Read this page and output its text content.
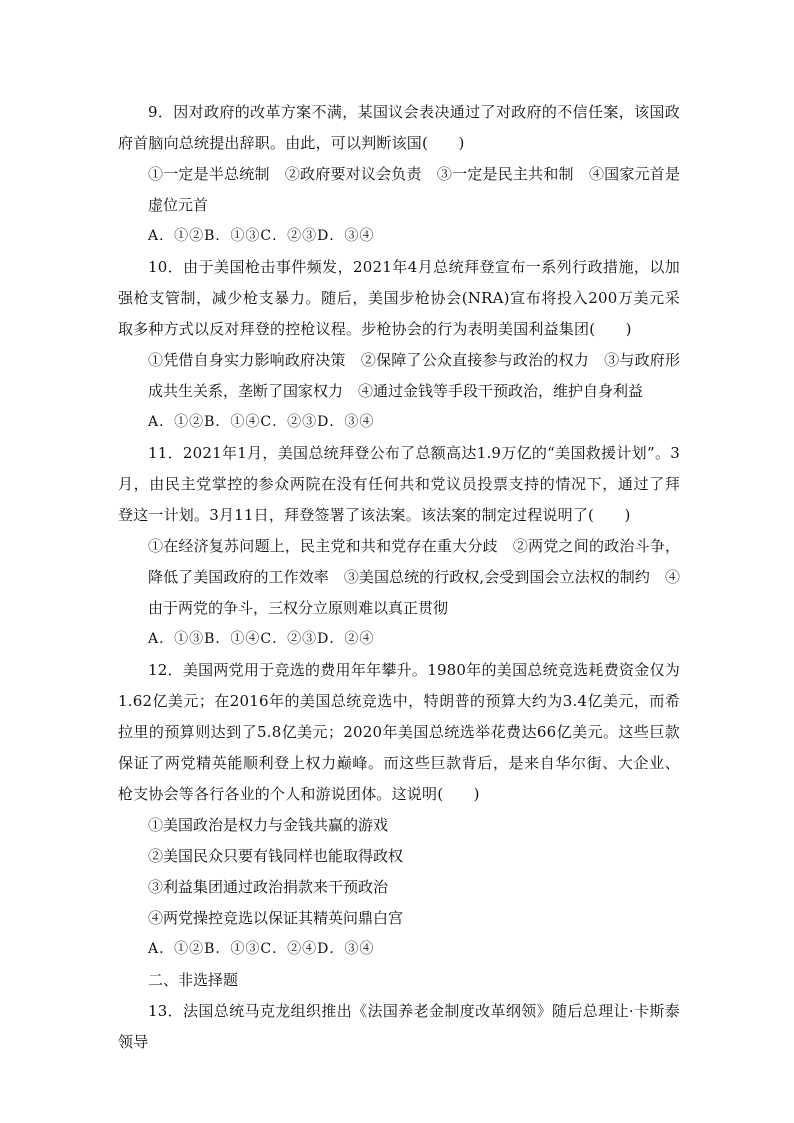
9．因对政府的改革方案不满，某国议会表决通过了对政府的不信任案，该国政府首脑向总统提出辞职。由此，可以判断该国(　　)

①一定是半总统制　②政府要对议会负责　③一定是民主共和制　④国家元首是虚位元首

A．①②B．①③C．②③D．③④

10．由于美国枪击事件频发，2021年4月总统拜登宣布一系列行政措施，以加强枪支管制，减少枪支暴力。随后，美国步枪协会(NRA)宣布将投入200万美元采取多种方式以反对拜登的控枪议程。步枪协会的行为表明美国利益集团(　　)

①凭借自身实力影响政府决策　②保障了公众直接参与政治的权力　③与政府形成共生关系，垄断了国家权力　④通过金钱等手段干预政治，维护自身利益

A．①②B．①④C．②③D．③④

11．2021年1月，美国总统拜登公布了总额高达1.9万亿的“美国救援计划”。3月，由民主党掌控的参众两院在没有任何共和党议员投票支持的情况下，通过了拜登这一计划。3月11日，拜登签署了该法案。该法案的制定过程说明了(　　)

①在经济复苏问题上，民主党和共和党存在重大分歧　②两党之间的政治斗争，降低了美国政府的工作效率　③美国总统的行政权,会受到国会立法权的制约　④由于两党的争斗，三权分立原则难以真正贯彻

A．①③B．①④C．②③D．②④

12．美国两党用于竞选的费用年年攀升。1980年的美国总统竞选耗费资金仅为1.62亿美元；在2016年的美国总统竞选中，特朗普的预算大约为3.4亿美元，而希拉里的预算则达到了5.8亿美元；2020年美国总统选举花费达66亿美元。这些巨款保证了两党精英能顺利登上权力巅峰。而这些巨款背后，是来自华尔街、大企业、枪支协会等各行各业的个人和游说团体。这说明(　　)

①美国政治是权力与金钱共赢的游戏

②美国民众只要有钱同样也能取得政权

③利益集团通过政治捐款来干预政治

④两党操控竞选以保证其精英问鼎白宫

A．①②B．①③C．②④D．③④

二、非选择题

13．法国总统马克龙组织推出《法国养老金制度改革纲领》随后总理让·卡斯泰领导
